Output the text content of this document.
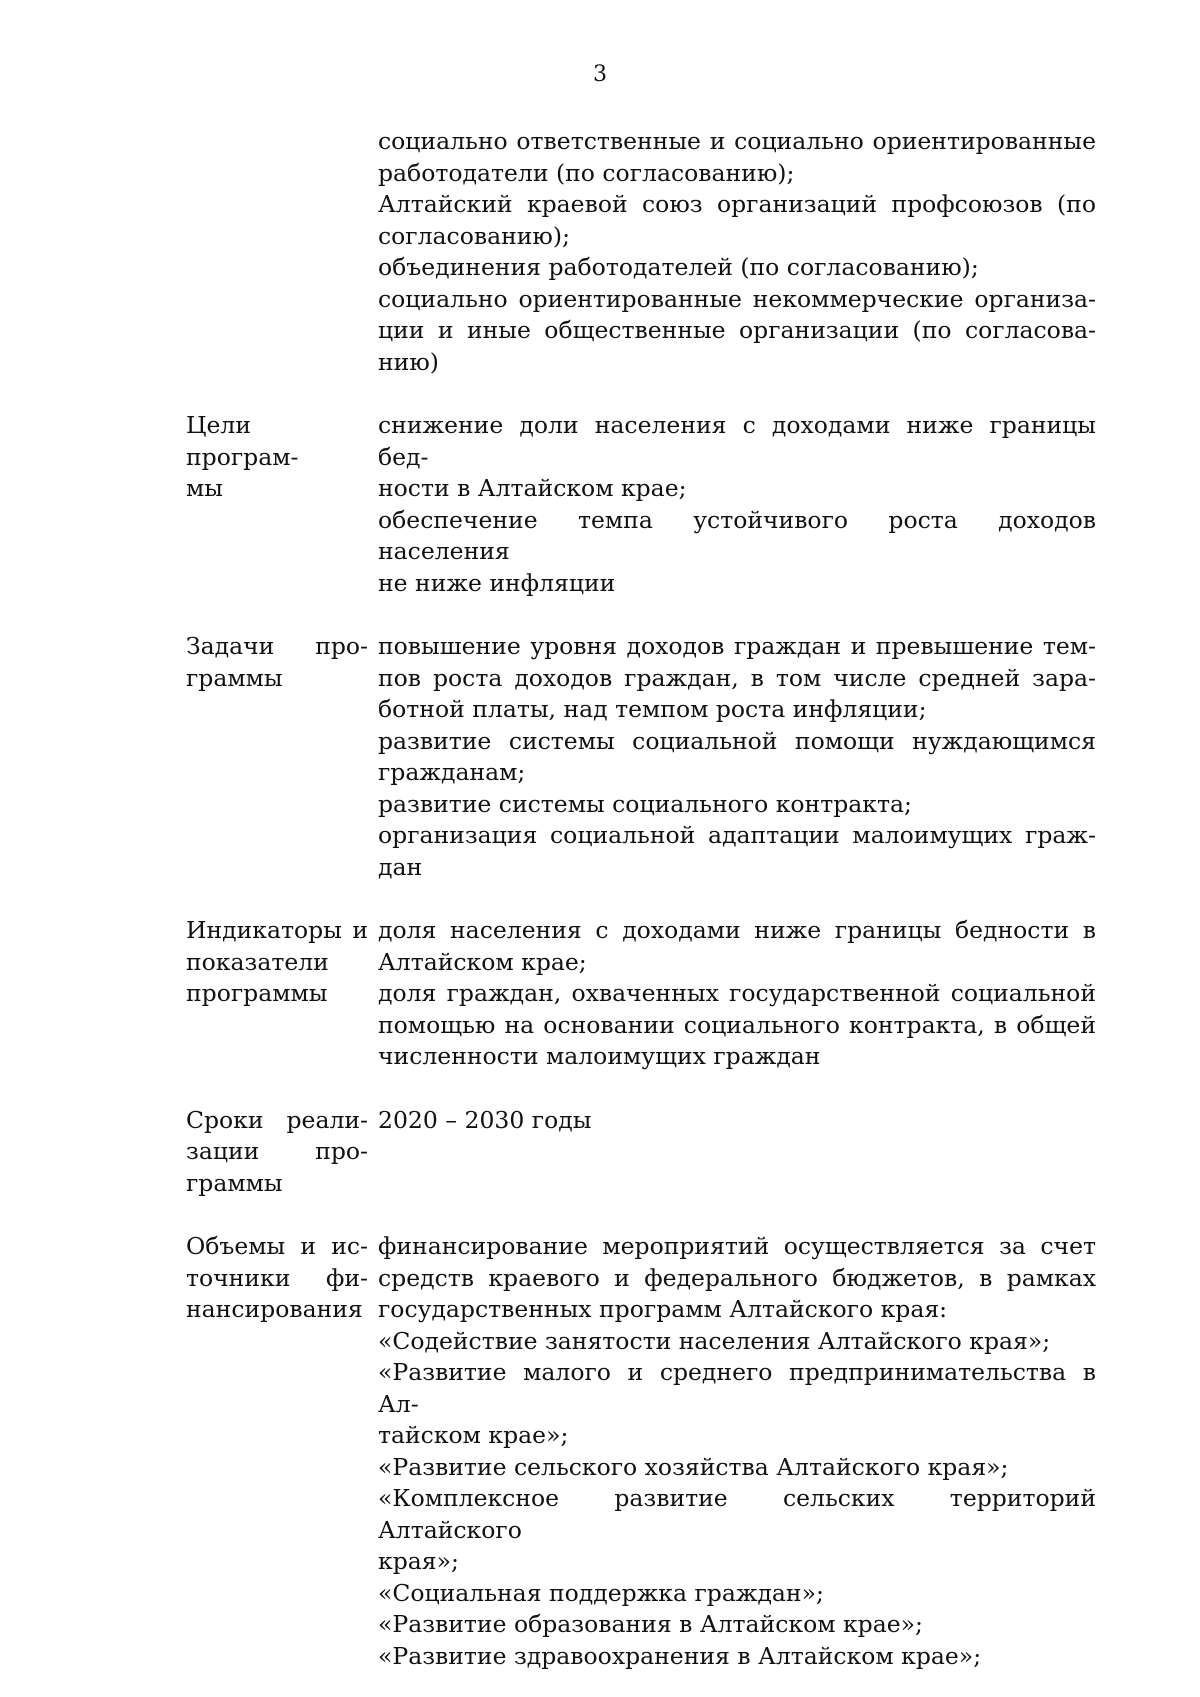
3
социально ответственные и социально ориентированные
работодатели (по согласованию);
Алтайский краевой союз организаций профсоюзов (по
согласованию);
объединения работодателей (по согласованию);
социально ориентированные некоммерческие организа-
ции и иные общественные организации (по согласова-
нию)
Цели програм-
мы
снижение доли населения с доходами ниже границы бед-
ности в Алтайском крае;
обеспечение темпа устойчивого роста доходов населения
не ниже инфляции
Задачи про-
граммы
повышение уровня доходов граждан и превышение тем-
пов роста доходов граждан, в том числе средней зара-
ботной платы, над темпом роста инфляции;
развитие системы социальной помощи нуждающимся
гражданам;
развитие системы социального контракта;
организация социальной адаптации малоимущих граж-
дан
Индикаторы и
показатели
программы
доля населения с доходами ниже границы бедности в
Алтайском крае;
доля граждан, охваченных государственной социальной
помощью на основании социального контракта, в общей
численности малоимущих граждан
Сроки реали-
зации про-
граммы
2020 – 2030 годы
Объемы и ис-
точники фи-
нансирования
финансирование мероприятий осуществляется за счет
средств краевого и федерального бюджетов, в рамках
государственных программ Алтайского края:
«Содействие занятости населения Алтайского края»;
«Развитие малого и среднего предпринимательства в Ал-
тайском крае»;
«Развитие сельского хозяйства Алтайского края»;
«Комплексное развитие сельских территорий Алтайского
края»;
«Социальная поддержка граждан»;
«Развитие образования в Алтайском крае»;
«Развитие здравоохранения в Алтайском крае»;
